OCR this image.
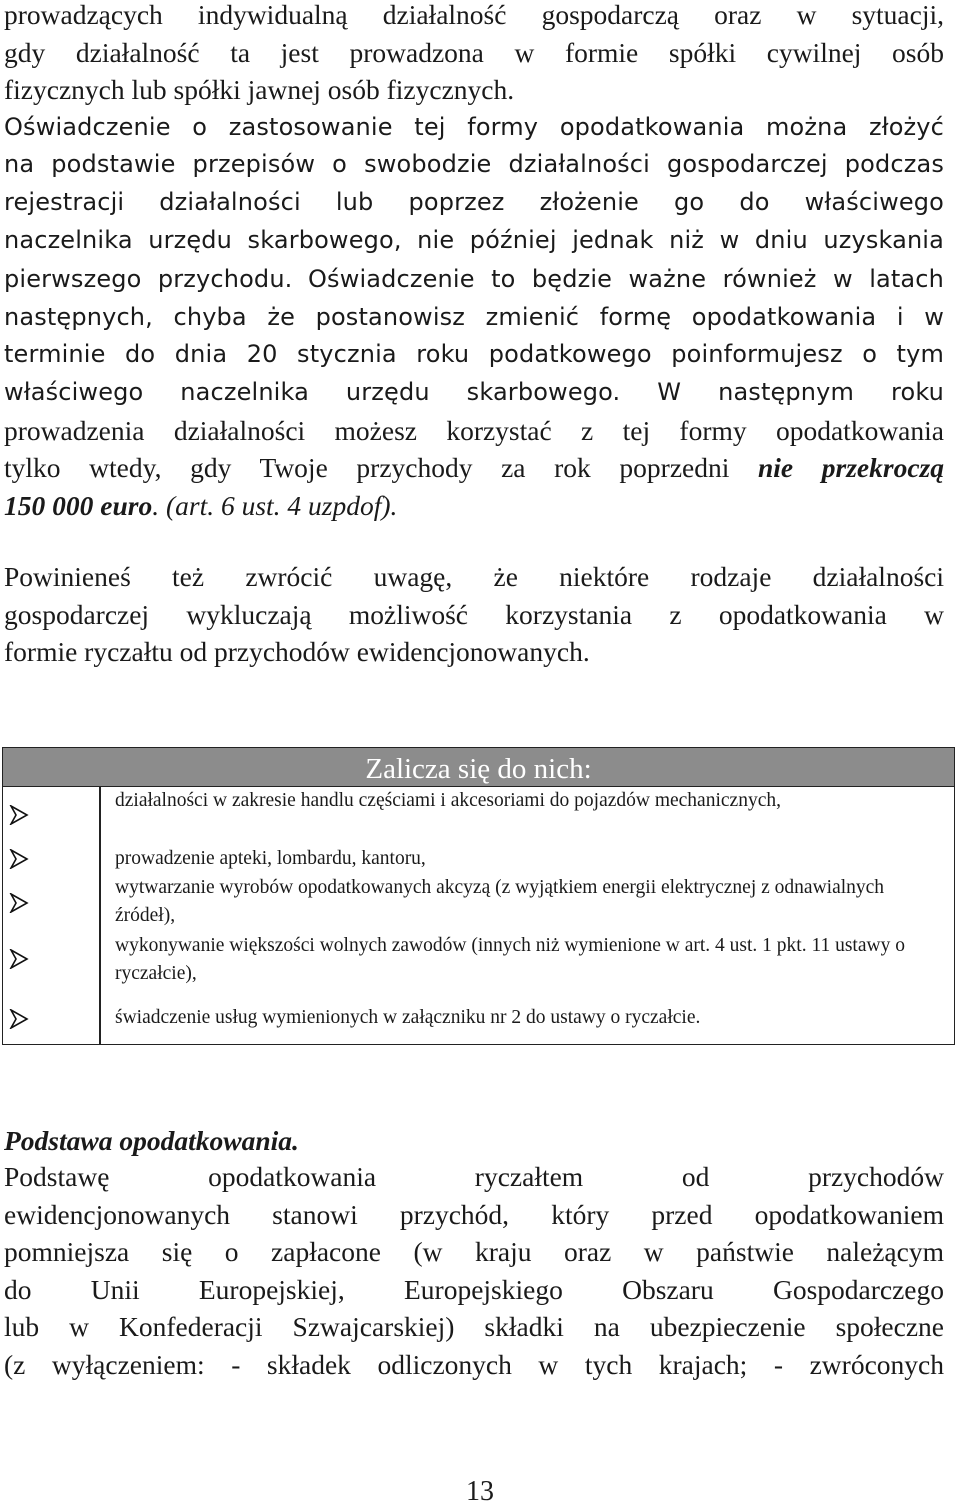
prowadzących indywidualną działalność gospodarczą oraz w sytuacji,
gdy działalność ta jest prowadzona w formie spółki cywilnej osób
fizycznych lub spółki jawnej osób fizycznych.
Oświadczenie o zastosowanie tej formy opodatkowania można złożyć
na podstawie przepisów o swobodzie działalności gospodarczej podczas
rejestracji działalności lub poprzez złożenie go do właściwego
naczelnika urzędu skarbowego, nie później jednak niż w dniu uzyskania
pierwszego przychodu. Oświadczenie to będzie ważne również w latach
następnych, chyba że postanowisz zmienić formę opodatkowania i w
terminie do dnia 20 stycznia roku podatkowego poinformujesz o tym
właściwego naczelnika urzędu skarbowego. W następnym roku
prowadzenia działalności możesz korzystać z tej formy opodatkowania
tylko wtedy, gdy Twoje przychody za rok poprzedni nie przekroczą
150 000 euro. (art. 6 ust. 4 uzpdof).
Powinieneś też zwrócić uwagę, że niektóre rodzaje działalności
gospodarczej wykluczają możliwość korzystania z opodatkowania w
formie ryczałtu od przychodów ewidencjonowanych.
Zalicza się do nich:
działalności w zakresie handlu częściami i akcesoriami do pojazdów mechanicznych,
prowadzenie apteki, lombardu, kantoru,
wytwarzanie wyrobów opodatkowanych akcyzą (z wyjątkiem energii elektrycznej z odnawialnych źródeł),
wykonywanie większości wolnych zawodów (innych niż wymienione w art. 4 ust. 1 pkt. 11 ustawy o ryczałcie),
świadczenie usług wymienionych w załączniku nr 2 do ustawy o ryczałcie.
Podstawa opodatkowania.
Podstawę opodatkowania ryczałtem od przychodów
ewidencjonowanych stanowi przychód, który przed opodatkowaniem
pomniejsza się o zapłacone (w kraju oraz w państwie należącym
do Unii Europejskiej, Europejskiego Obszaru Gospodarczego
lub w Konfederacji Szwajcarskiej) składki na ubezpieczenie społeczne
(z wyłączeniem: - składek odliczonych w tych krajach; - zwróconych
13
